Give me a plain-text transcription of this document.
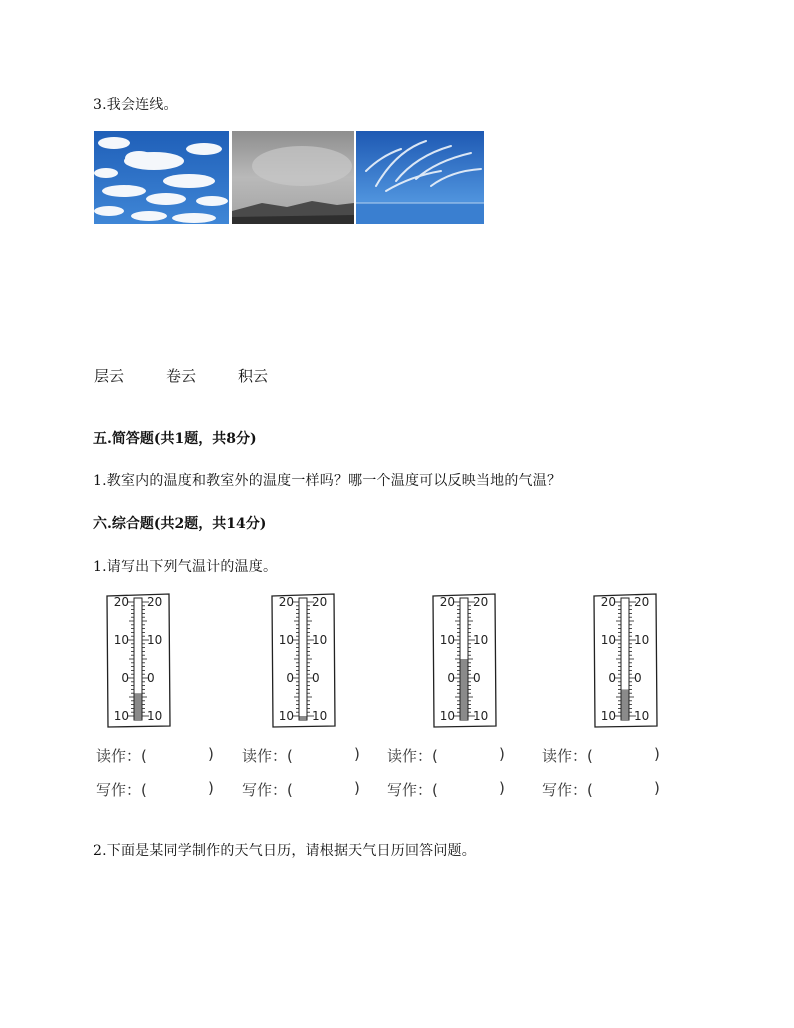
3.我会连线。
层云	卷云	积云
五.简答题(共1题，共8分)
1.教室内的温度和教室外的温度一样吗？哪一个温度可以反映当地的气温？
六.综合题(共2题，共14分)
1.请写出下列气温计的温度。
20 20
10 10
0 0
10 10
20 20
10 10
0 0
10 10
20 20
10 10
0 0
10 10
20 20
10 10
0 0
10 10
读作：(	) 读作：(	) 读作：(	) 读作：(	)
写作：(	) 写作：(	) 写作：(	) 写作：(	)
2.下面是某同学制作的天气日历，请根据天气日历回答问题。
